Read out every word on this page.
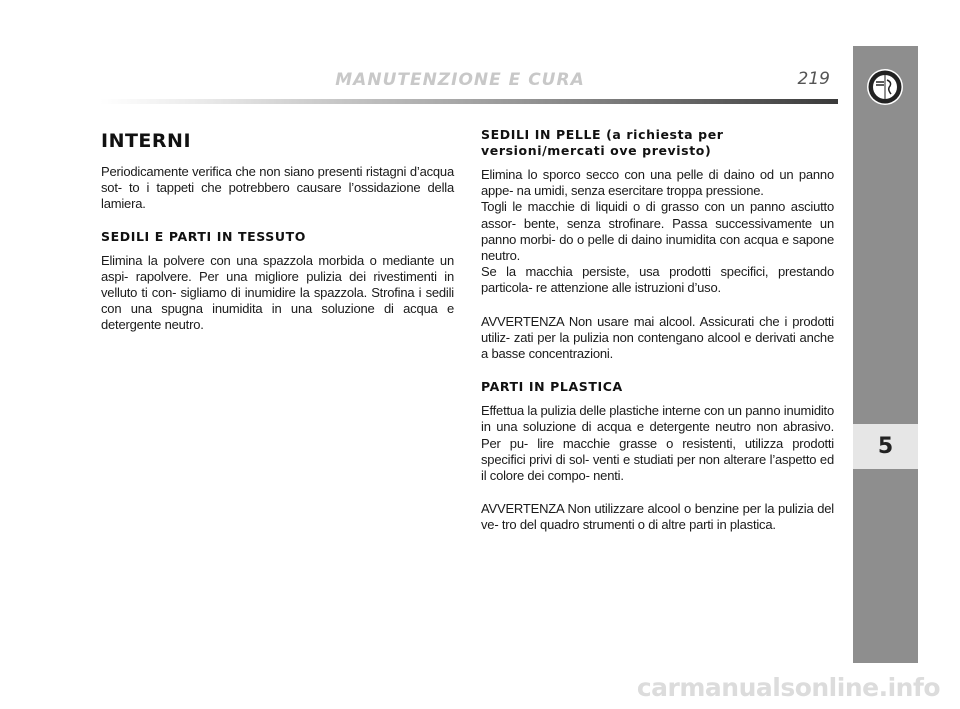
MANUTENZIONE E CURA	219
5
INTERNI

Periodicamente verifica che non siano presenti ristagni d’acqua sot- to i tappeti che potrebbero causare l’ossidazione della lamiera.

SEDILI E PARTI IN TESSUTO

Elimina la polvere con una spazzola morbida o mediante un aspi- rapolvere. Per una migliore pulizia dei rivestimenti in velluto ti con- sigliamo di inumidire la spazzola. Strofina i sedili con una spugna inumidita in una soluzione di acqua e detergente neutro.

SEDILI IN PELLE (a richiesta per
versioni/mercati ove previsto)

Elimina lo sporco secco con una pelle di daino od un panno appe- na umidi, senza esercitare troppa pressione.
Togli le macchie di liquidi o di grasso con un panno asciutto assor- bente, senza strofinare. Passa successivamente un panno morbi- do o pelle di daino inumidita con acqua e sapone neutro.
Se la macchia persiste, usa prodotti specifici, prestando particola- re attenzione alle istruzioni d’uso.

AVVERTENZA Non usare mai alcool. Assicurati che i prodotti utiliz- zati per la pulizia non contengano alcool e derivati anche a basse concentrazioni.

PARTI IN PLASTICA

Effettua la pulizia delle plastiche interne con un panno inumidito in una soluzione di acqua e detergente neutro non abrasivo. Per pu- lire macchie grasse o resistenti, utilizza prodotti specifici privi di sol- venti e studiati per non alterare l’aspetto ed il colore dei compo- nenti.

AVVERTENZA Non utilizzare alcool o benzine per la pulizia del ve- tro del quadro strumenti o di altre parti in plastica.

carmanualsonline.info
